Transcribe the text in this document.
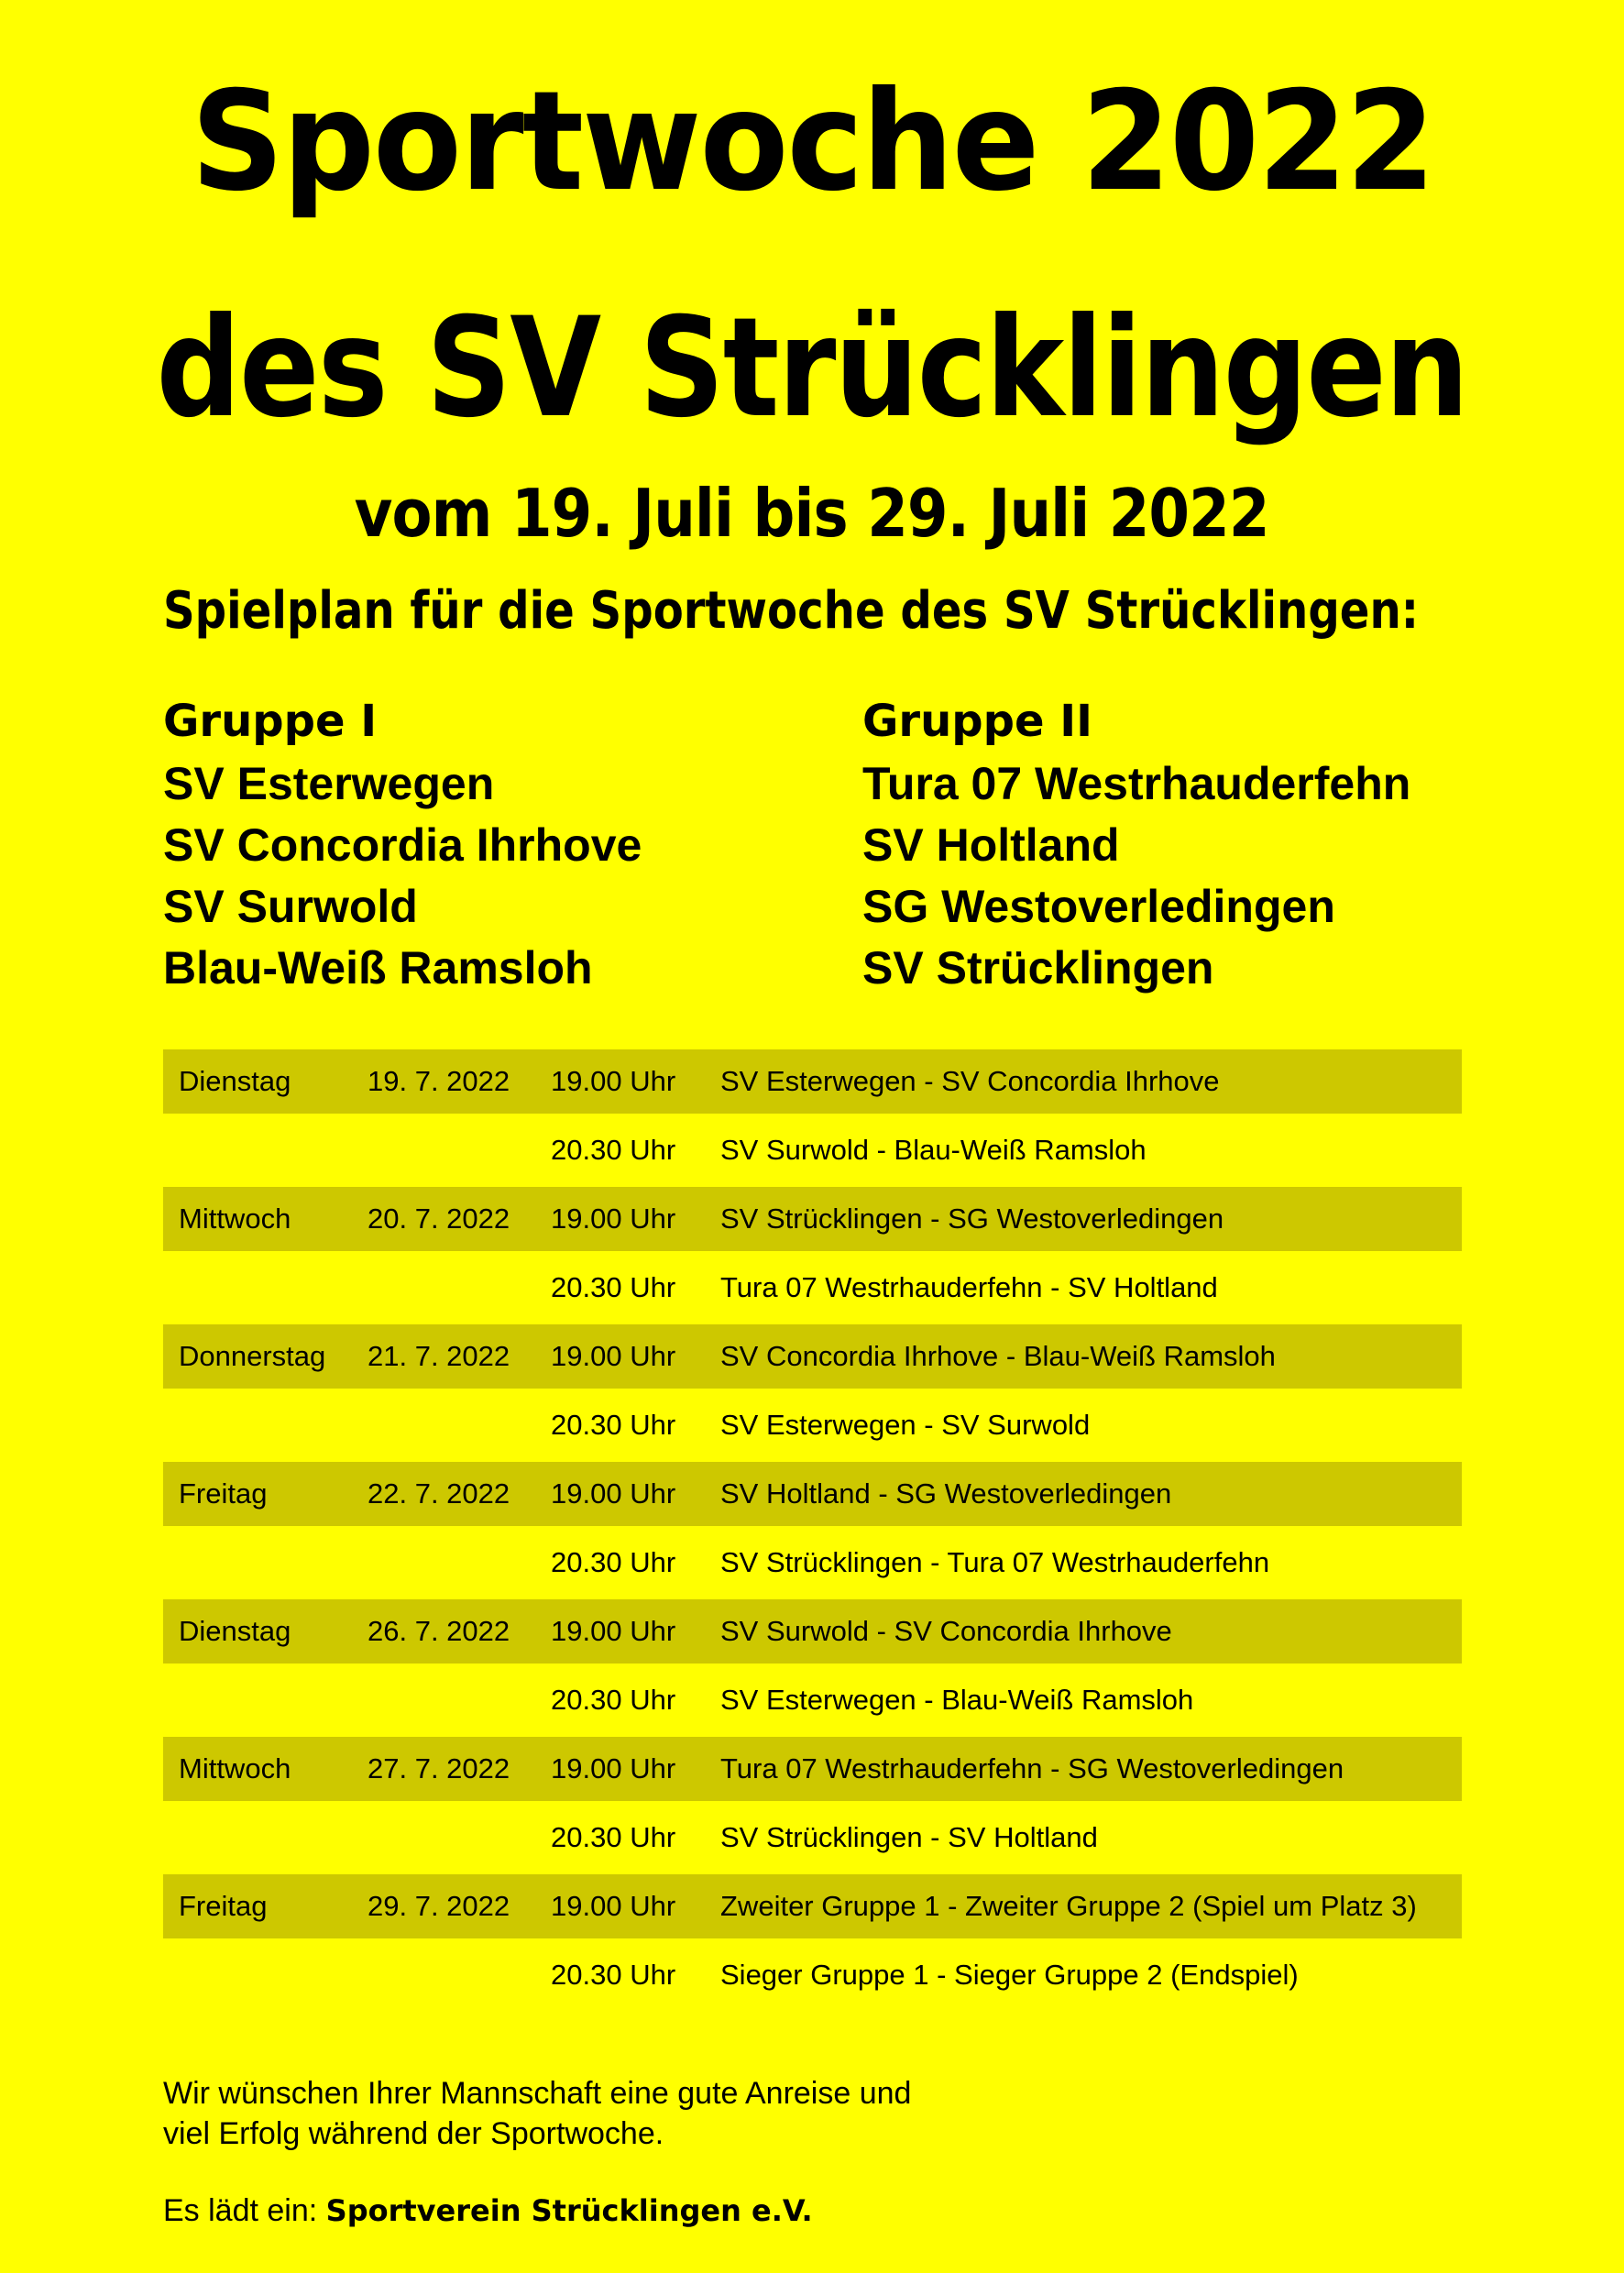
Sportwoche 2022
des SV Strücklingen
vom 19. Juli bis 29. Juli 2022
Spielplan für die Sportwoche des SV Strücklingen:
Gruppe I
SV Esterwegen
SV Concordia Ihrhove
SV Surwold
Blau-Weiß Ramsloh
Gruppe II
Tura 07 Westrhauderfehn
SV Holtland
SG Westoverledingen
SV Strücklingen
Dienstag	19. 7. 2022 19.00 Uhr SV Esterwegen - SV Concordia Ihrhove
20.30 Uhr SV Surwold - Blau-Weiß Ramsloh
Mittwoch	20. 7. 2022 19.00 Uhr SV Strücklingen - SG Westoverledingen
20.30 Uhr Tura 07 Westrhauderfehn - SV Holtland
Donnerstag 21. 7. 2022 19.00 Uhr SV Concordia Ihrhove - Blau-Weiß Ramsloh
20.30 Uhr SV Esterwegen - SV Surwold
Freitag	22. 7. 2022 19.00 Uhr SV Holtland - SG Westoverledingen
20.30 Uhr SV Strücklingen - Tura 07 Westrhauderfehn
Dienstag	26. 7. 2022 19.00 Uhr SV Surwold - SV Concordia Ihrhove
20.30 Uhr SV Esterwegen - Blau-Weiß Ramsloh
Mittwoch	27. 7. 2022 19.00 Uhr Tura 07 Westrhauderfehn - SG Westoverledingen
20.30 Uhr SV Strücklingen - SV Holtland
Freitag	29. 7. 2022 19.00 Uhr Zweiter Gruppe 1 - Zweiter Gruppe 2 (Spiel um Platz 3)
20.30 Uhr Sieger Gruppe 1 - Sieger Gruppe 2 (Endspiel)

Wir wünschen Ihrer Mannschaft eine gute Anreise und

viel Erfolg während der Sportwoche.

Es lädt ein: Sportverein Strücklingen e.V.
